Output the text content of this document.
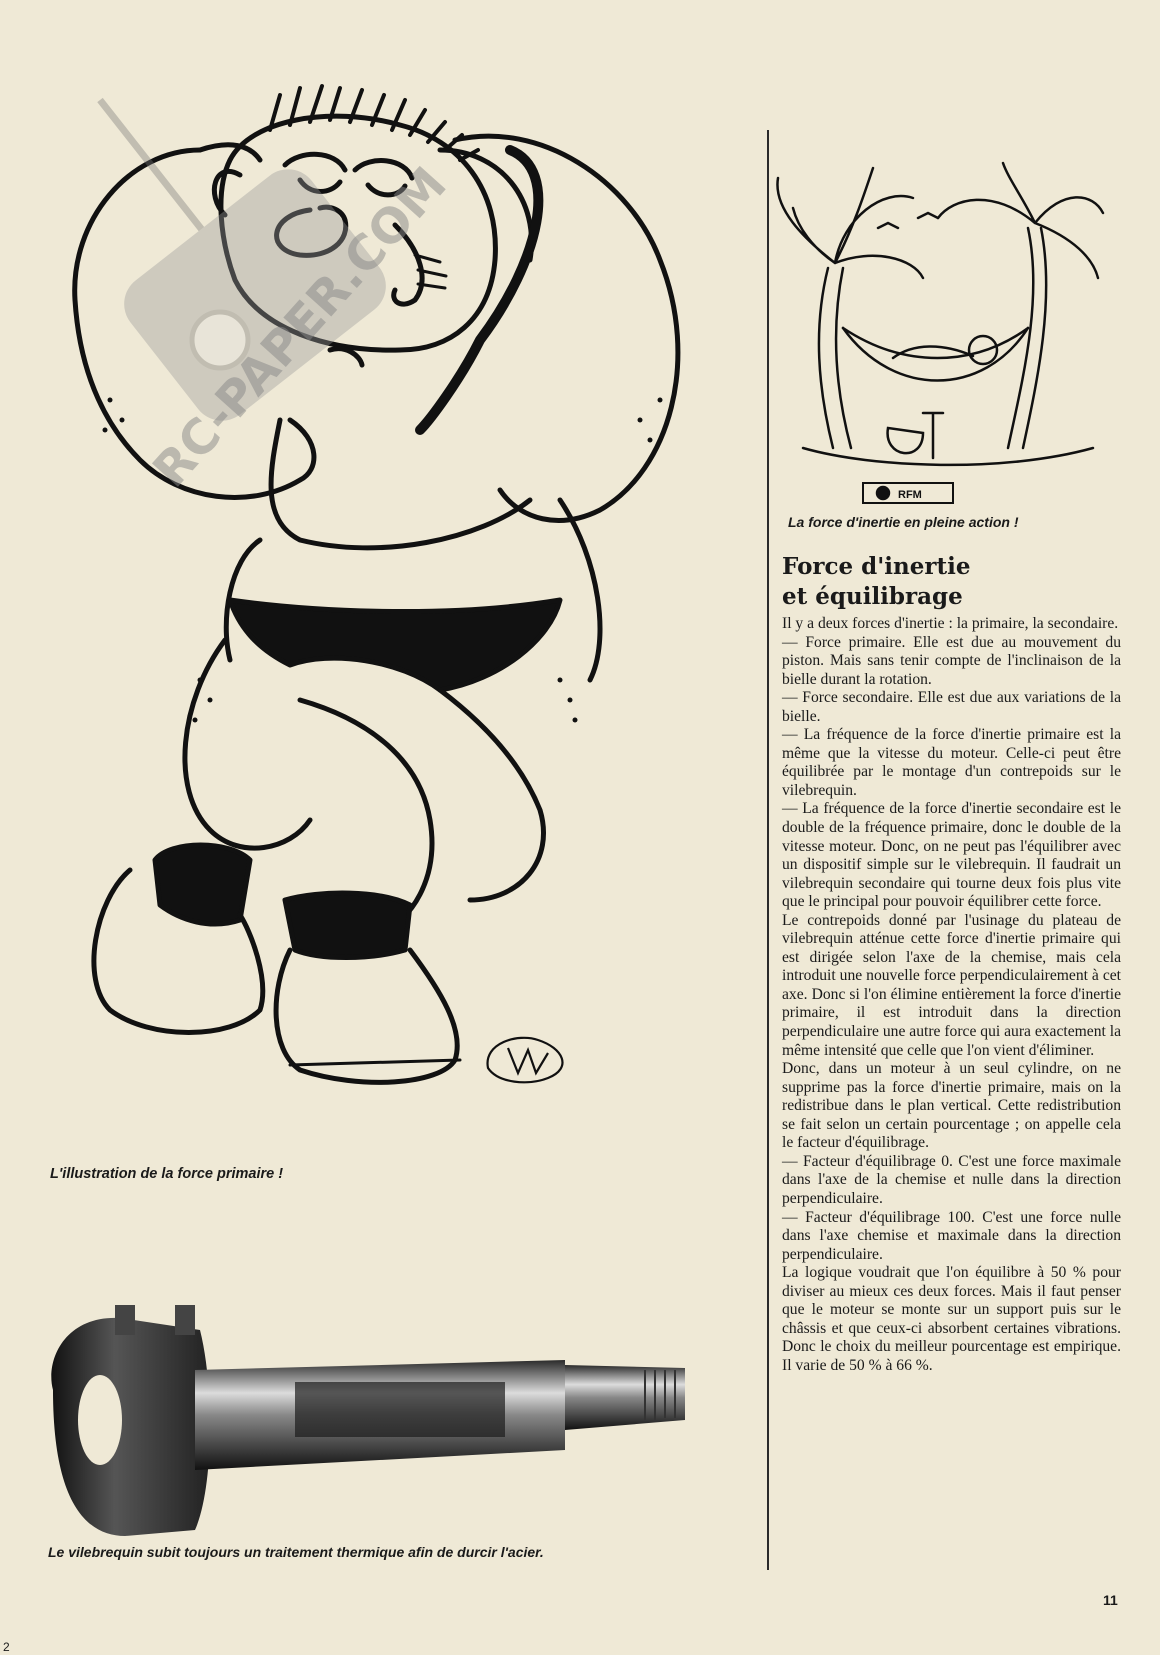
RC-PAPER.COM
L'illustration de la force primaire !
Le vilebrequin subit toujours un traitement thermique afin de durcir l'acier.
RFM
La force d'inertie en pleine action !
Force d'inertie
et équilibrage

Il y a deux forces d'inertie : la primaire, la secondaire.

— Force primaire. Elle est due au mouvement du piston. Mais sans tenir compte de l'inclinaison de la bielle durant la rotation.

— Force secondaire. Elle est due aux variations de la bielle.

— La fréquence de la force d'inertie primaire est la même que la vitesse du moteur. Celle-ci peut être équilibrée par le montage d'un contrepoids sur le vilebrequin.

— La fréquence de la force d'inertie secondaire est le double de la fréquence primaire, donc le double de la vitesse moteur. Donc, on ne peut pas l'équilibrer avec un dispositif simple sur le vilebrequin. Il faudrait un vilebrequin secondaire qui tourne deux fois plus vite que le principal pour pouvoir équilibrer cette force.

Le contrepoids donné par l'usinage du plateau de vilebrequin atténue cette force d'inertie primaire qui est dirigée selon l'axe de la chemise, mais cela introduit une nouvelle force perpendiculairement à cet axe. Donc si l'on élimine entièrement la force d'inertie primaire, il est introduit dans la direction perpendiculaire une autre force qui aura exactement la même intensité que celle que l'on vient d'éliminer.

Donc, dans un moteur à un seul cylindre, on ne supprime pas la force d'inertie primaire, mais on la redistribue dans le plan vertical. Cette redistribution se fait selon un certain pourcentage ; on appelle cela le facteur d'équilibrage.

— Facteur d'équilibrage 0. C'est une force maximale dans l'axe de la chemise et nulle dans la direction perpendiculaire.

— Facteur d'équilibrage 100. C'est une force nulle dans l'axe chemise et maximale dans la direction perpendiculaire.

La logique voudrait que l'on équilibre à 50 % pour diviser au mieux ces deux forces. Mais il faut penser que le moteur se monte sur un support puis sur le châssis et que ceux-ci absorbent certaines vibrations. Donc le choix du meilleur pourcentage est empirique. Il varie de 50 % à 66 %.

11
2
